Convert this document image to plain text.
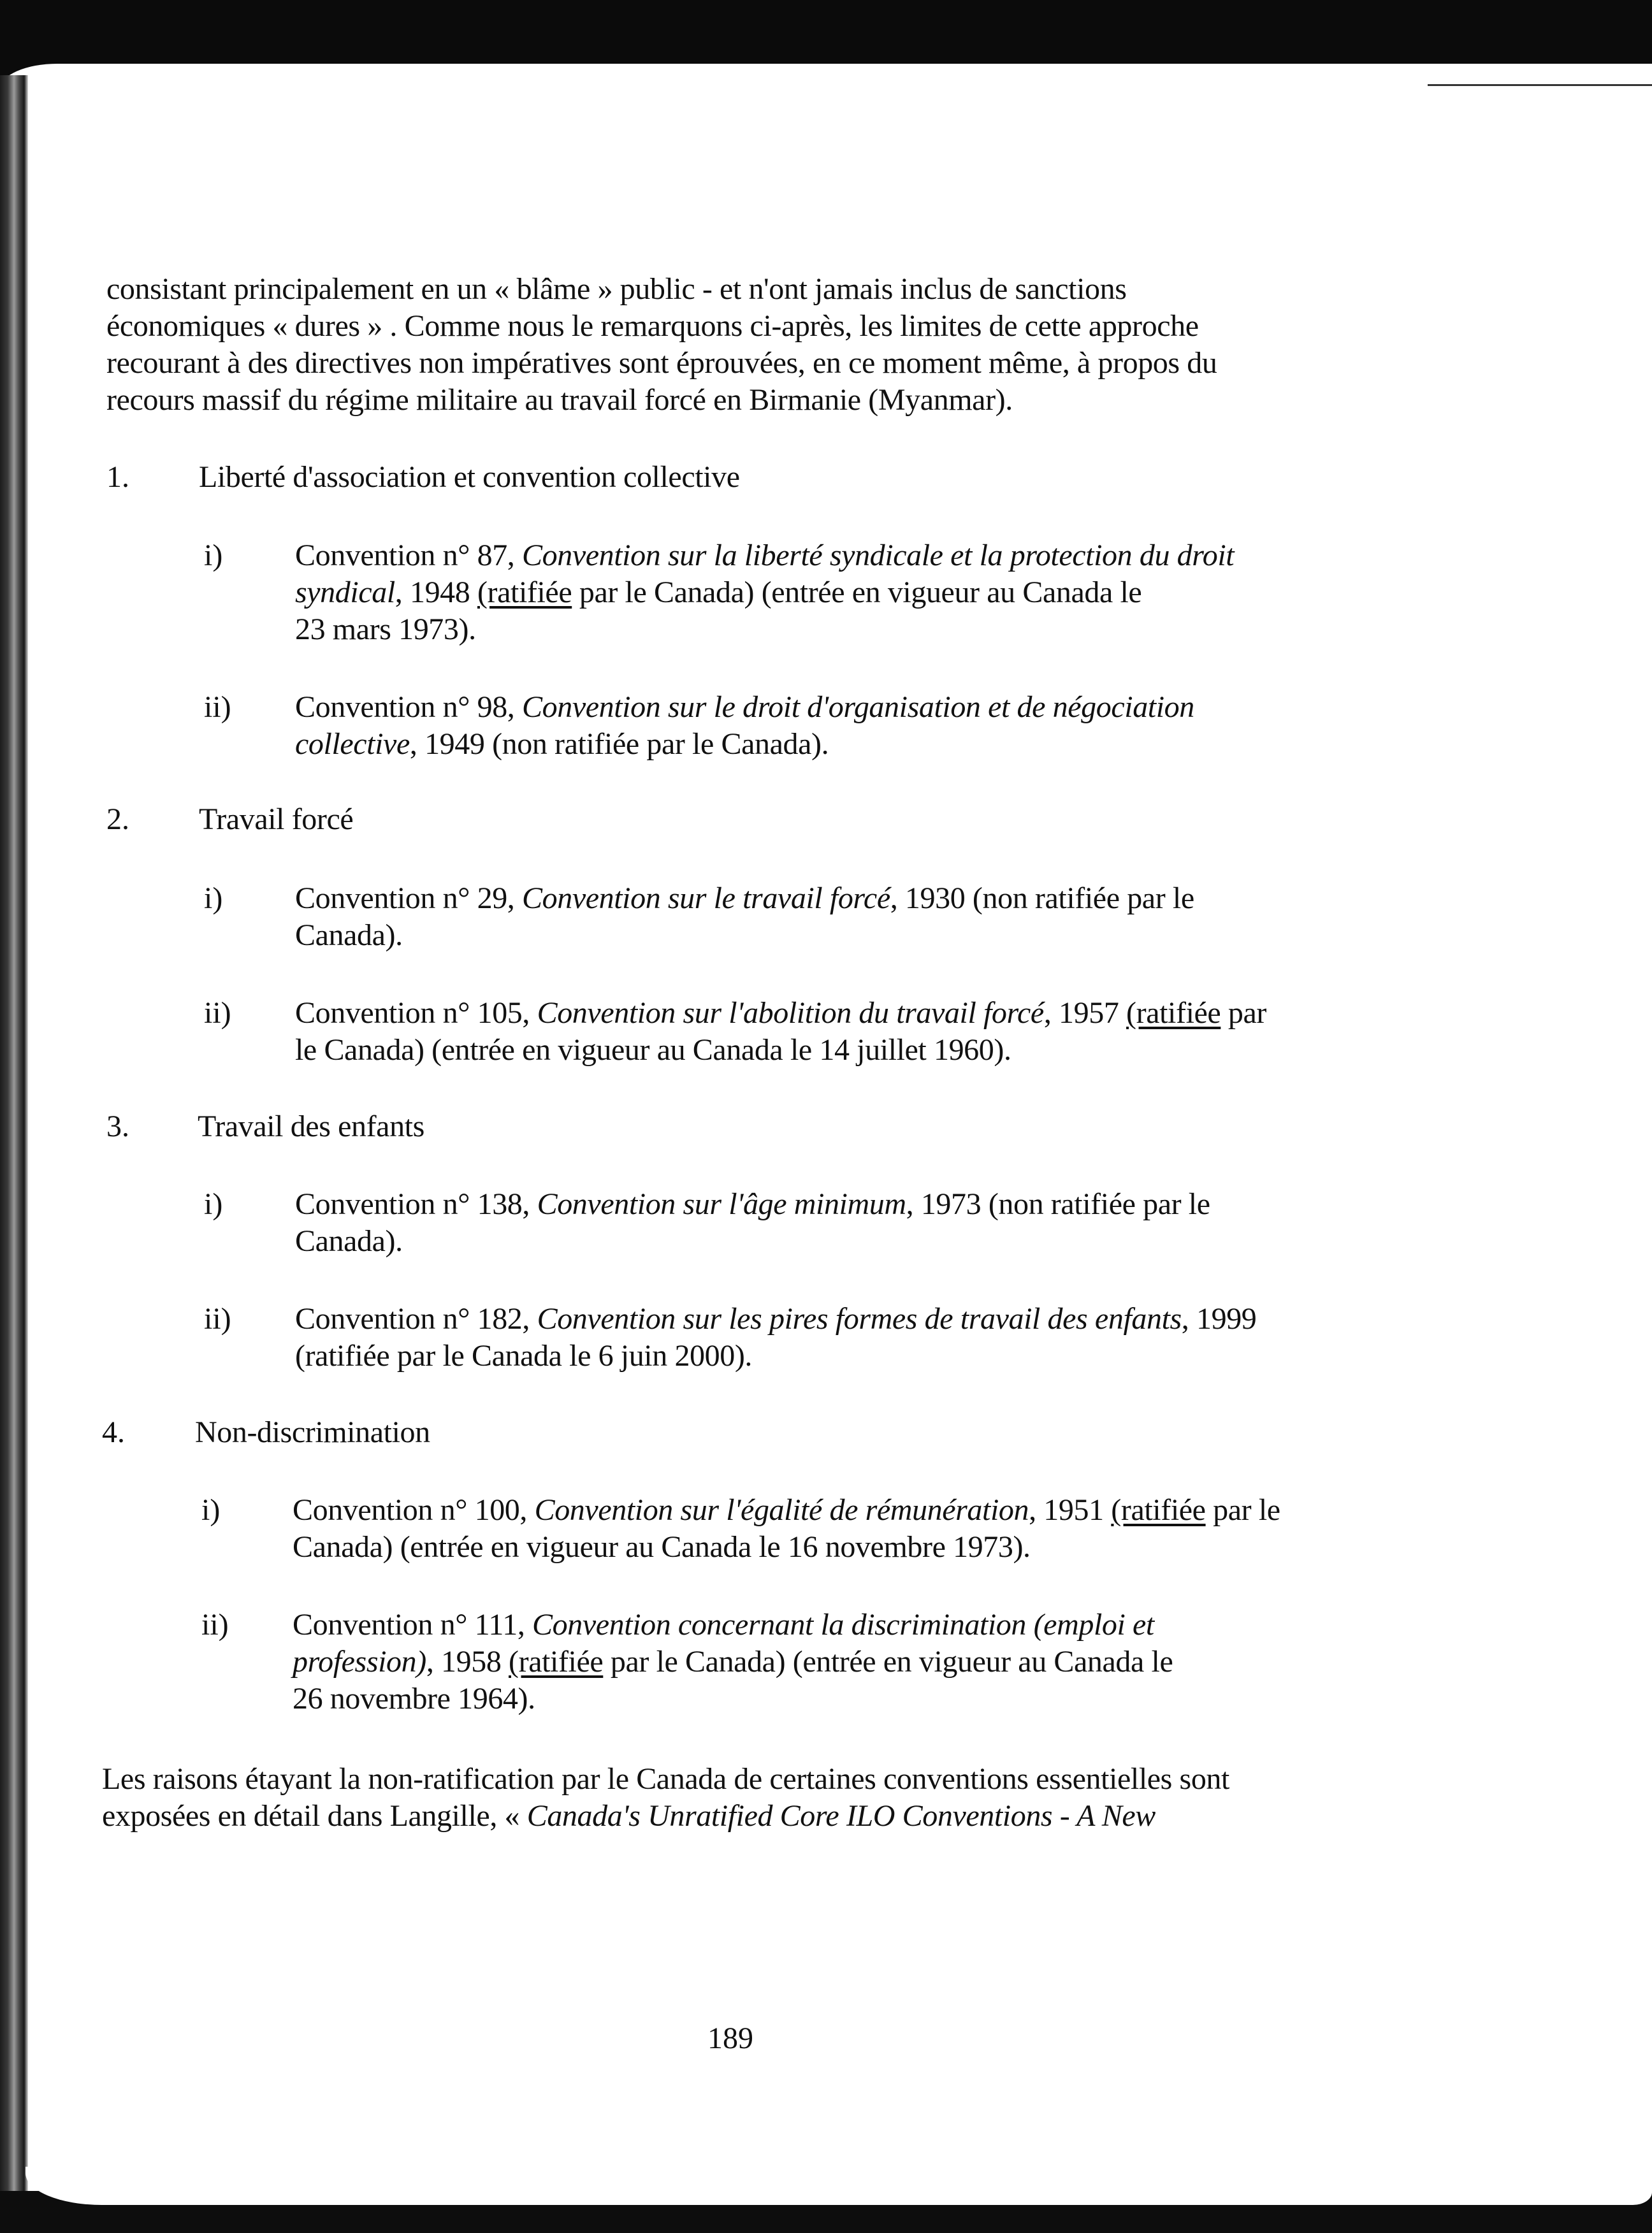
consistant principalement en un « blâme » public - et n'ont jamais inclus de sanctions
économiques « dures » . Comme nous le remarquons ci-après, les limites de cette approche
recourant à des directives non impératives sont éprouvées, en ce moment même, à propos du
recours massif du régime militaire au travail forcé en Birmanie (Myanmar).
1. Liberté d'association et convention collective
i) Convention n° 87, Convention sur la liberté syndicale et la protection du droit
syndical, 1948 (ratifiée par le Canada) (entrée en vigueur au Canada le
23 mars 1973).
ii) Convention n° 98, Convention sur le droit d'organisation et de négociation
collective, 1949 (non ratifiée par le Canada).
2. Travail forcé
i) Convention n° 29, Convention sur le travail forcé, 1930 (non ratifiée par le
Canada).
ii) Convention n° 105, Convention sur l'abolition du travail forcé, 1957 (ratifiée par
le Canada) (entrée en vigueur au Canada le 14 juillet 1960).
3. Travail des enfants
i) Convention n° 138, Convention sur l'âge minimum, 1973 (non ratifiée par le
Canada).
ii) Convention n° 182, Convention sur les pires formes de travail des enfants, 1999
(ratifiée par le Canada le 6 juin 2000).
4. Non-discrimination
i) Convention n° 100, Convention sur l'égalité de rémunération, 1951 (ratifiée par le
Canada) (entrée en vigueur au Canada le 16 novembre 1973).
ii) Convention n° 111, Convention concernant la discrimination (emploi et
profession), 1958 (ratifiée par le Canada) (entrée en vigueur au Canada le
26 novembre 1964).
Les raisons étayant la non-ratification par le Canada de certaines conventions essentielles sont
exposées en détail dans Langille, « Canada's Unratified Core ILO Conventions - A New
189
